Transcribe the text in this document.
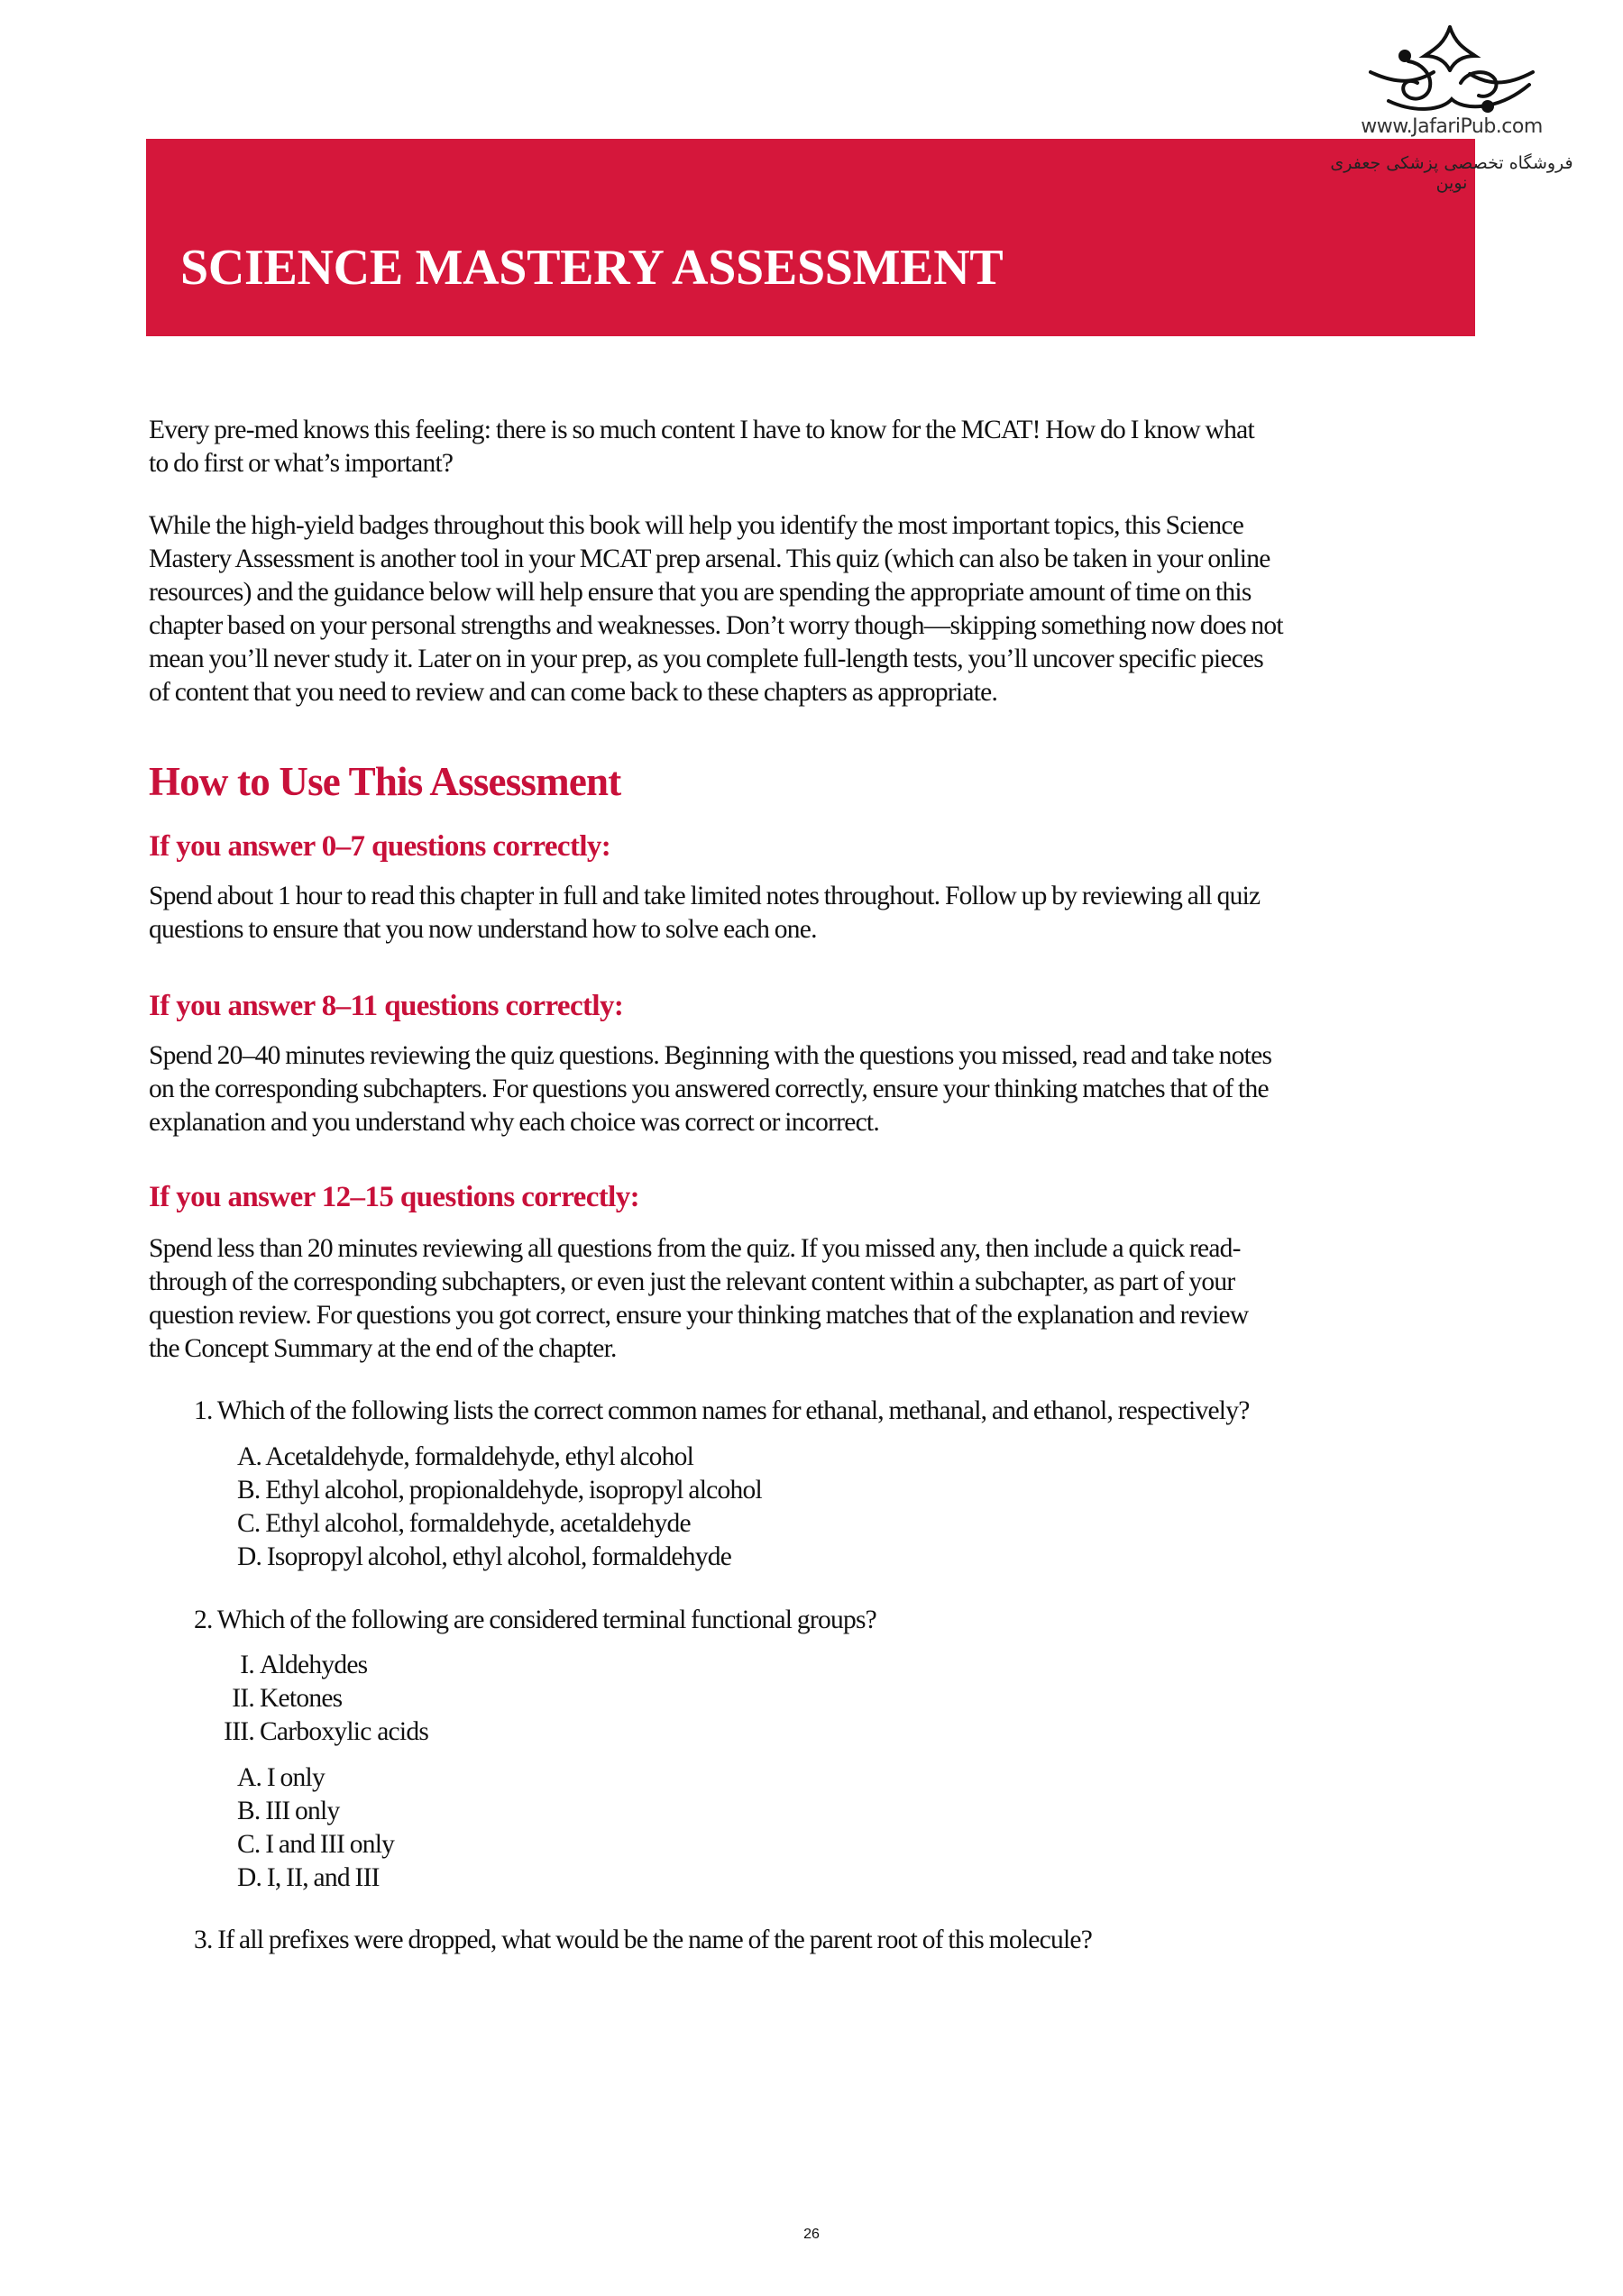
www.JafariPub.com
فروشگاه تخصصی پزشکی جعفری نوین
SCIENCE MASTERY ASSESSMENT
Every pre-med knows this feeling: there is so much content I have to know for the MCAT! How do I know what
to do first or what’s important?
While the high-yield badges throughout this book will help you identify the most important topics, this Science
Mastery Assessment is another tool in your MCAT prep arsenal. This quiz (which can also be taken in your online
resources) and the guidance below will help ensure that you are spending the appropriate amount of time on this
chapter based on your personal strengths and weaknesses. Don’t worry though—skipping something now does not
mean you’ll never study it. Later on in your prep, as you complete full-length tests, you’ll uncover specific pieces
of content that you need to review and can come back to these chapters as appropriate.
How to Use This Assessment
If you answer 0–7 questions correctly:
Spend about 1 hour to read this chapter in full and take limited notes throughout. Follow up by reviewing all quiz
questions to ensure that you now understand how to solve each one.
If you answer 8–11 questions correctly:
Spend 20–40 minutes reviewing the quiz questions. Beginning with the questions you missed, read and take notes
on the corresponding subchapters. For questions you answered correctly, ensure your thinking matches that of the
explanation and you understand why each choice was correct or incorrect.
If you answer 12–15 questions correctly:
Spend less than 20 minutes reviewing all questions from the quiz. If you missed any, then include a quick read-
through of the corresponding subchapters, or even just the relevant content within a subchapter, as part of your
question review. For questions you got correct, ensure your thinking matches that of the explanation and review
the Concept Summary at the end of the chapter.
1. Which of the following lists the correct common names for ethanal, methanal, and ethanol, respectively?
A. Acetaldehyde, formaldehyde, ethyl alcohol
B. Ethyl alcohol, propionaldehyde, isopropyl alcohol
C. Ethyl alcohol, formaldehyde, acetaldehyde
D. Isopropyl alcohol, ethyl alcohol, formaldehyde
2. Which of the following are considered terminal functional groups?
I. Aldehydes
II. Ketones
III. Carboxylic acids
A. I only
B. III only
C. I and III only
D. I, II, and III
3. If all prefixes were dropped, what would be the name of the parent root of this molecule?
26
